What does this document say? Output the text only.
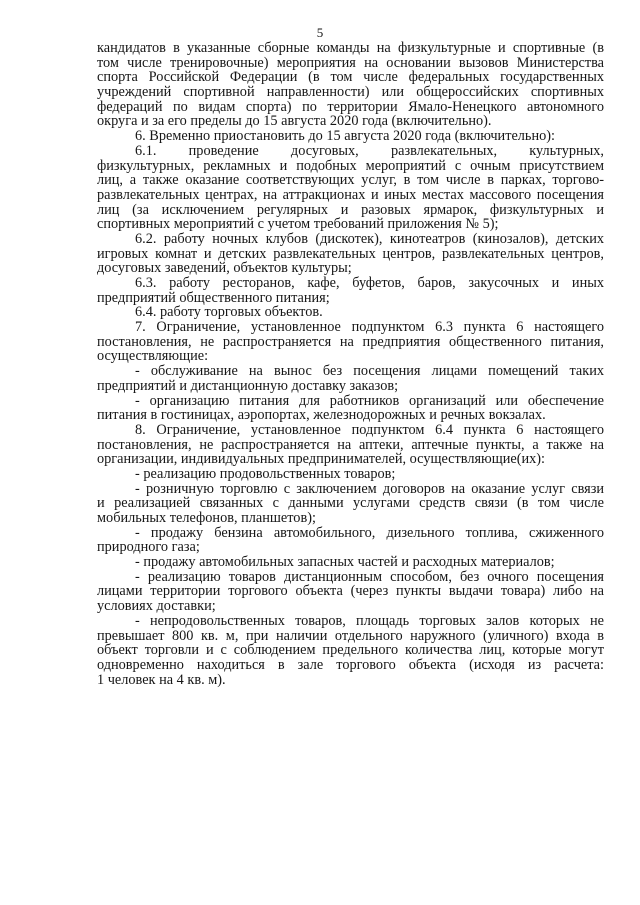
5
кандидатов в указанные сборные команды на физкультурные и спортивные (в
том числе тренировочные) мероприятия на основании вызовов Министерства
спорта Российской Федерации (в том числе федеральных государственных
учреждений спортивной направленности) или общероссийских спортивных
федераций по видам спорта) по территории Ямало-Ненецкого автономного
округа и за его пределы до 15 августа 2020 года (включительно).
6. Временно приостановить до 15 августа 2020 года (включительно):
6.1. проведение досуговых, развлекательных, культурных,
физкультурных, рекламных и подобных мероприятий с очным присутствием
лиц, а также оказание соответствующих услуг, в том числе в парках, торгово-
развлекательных центрах, на аттракционах и иных местах массового посещения
лиц (за исключением регулярных и разовых ярмарок, физкультурных и
спортивных мероприятий с учетом требований приложения № 5);
6.2. работу ночных клубов (дискотек), кинотеатров (кинозалов), детских
игровых комнат и детских развлекательных центров, развлекательных центров,
досуговых заведений, объектов культуры;
6.3. работу ресторанов, кафе, буфетов, баров, закусочных и иных
предприятий общественного питания;
6.4. работу торговых объектов.
7. Ограничение, установленное подпунктом 6.3 пункта 6 настоящего
постановления, не распространяется на предприятия общественного питания,
осуществляющие:
- обслуживание на вынос без посещения лицами помещений таких
предприятий и дистанционную доставку заказов;
- организацию питания для работников организаций или обеспечение
питания в гостиницах, аэропортах, железнодорожных и речных вокзалах.
8. Ограничение, установленное подпунктом 6.4 пункта 6 настоящего
постановления, не распространяется на аптеки, аптечные пункты, а также на
организации, индивидуальных предпринимателей, осуществляющие(их):
- реализацию продовольственных товаров;
- розничную торговлю с заключением договоров на оказание услуг связи
и реализацией связанных с данными услугами средств связи (в том числе
мобильных телефонов, планшетов);
- продажу бензина автомобильного, дизельного топлива, сжиженного
природного газа;
- продажу автомобильных запасных частей и расходных материалов;
- реализацию товаров дистанционным способом, без очного посещения
лицами территории торгового объекта (через пункты выдачи товара) либо на
условиях доставки;
- непродовольственных товаров, площадь торговых залов которых не
превышает 800 кв. м, при наличии отдельного наружного (уличного) входа в
объект торговли и с соблюдением предельного количества лиц, которые могут
одновременно находиться в зале торгового объекта (исходя из расчета:
1 человек на 4 кв. м).
